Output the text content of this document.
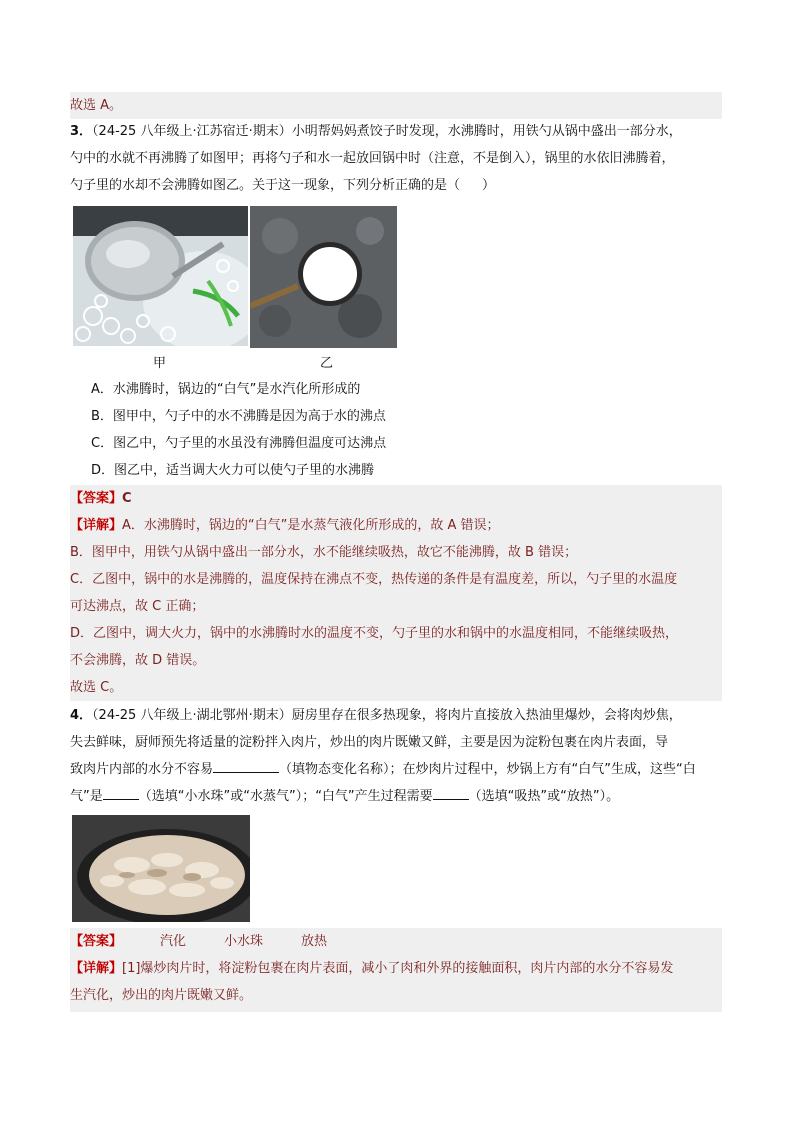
故选 A。
3．（24-25 八年级上·江苏宿迁·期末）小明帮妈妈煮饺子时发现，水沸腾时，用铁勺从锅中盛出一部分水，
勺中的水就不再沸腾了如图甲；再将勺子和水一起放回锅中时（注意，不是倒入），锅里的水依旧沸腾着，
勺子里的水却不会沸腾如图乙。关于这一现象，下列分析正确的是（ ）
甲	乙
A．水沸腾时，锅边的“白气”是水汽化所形成的
B．图甲中，勺子中的水不沸腾是因为高于水的沸点
C．图乙中，勺子里的水虽没有沸腾但温度可达沸点
D．图乙中，适当调大火力可以使勺子里的水沸腾
【答案】C
【详解】A．水沸腾时，锅边的“白气”是水蒸气液化所形成的，故 A 错误；
B．图甲中，用铁勺从锅中盛出一部分水，水不能继续吸热，故它不能沸腾，故 B 错误；
C．乙图中，锅中的水是沸腾的，温度保持在沸点不变，热传递的条件是有温度差，所以，勺子里的水温度
可达沸点，故 C 正确；
D．乙图中，调大火力，锅中的水沸腾时水的温度不变，勺子里的水和锅中的水温度相同，不能继续吸热，
不会沸腾，故 D 错误。
故选 C。
4．（24-25 八年级上·湖北鄂州·期末）厨房里存在很多热现象，将肉片直接放入热油里爆炒，会将肉炒焦，
失去鲜味，厨师预先将适量的淀粉拌入肉片，炒出的肉片既嫩又鲜，主要是因为淀粉包裹在肉片表面，导
致肉片内部的水分不容易	（填物态变化名称）；在炒肉片过程中，炒锅上方有“白气”生成，这些“白
气”是	（选填“小水珠”或“水蒸气”）；“白气”产生过程需要	（选填“吸热”或“放热”）。
【答案】	汽化	小水珠	放热
【详解】[1]爆炒肉片时，将淀粉包裹在肉片表面，减小了肉和外界的接触面积，肉片内部的水分不容易发
生汽化，炒出的肉片既嫩又鲜。
